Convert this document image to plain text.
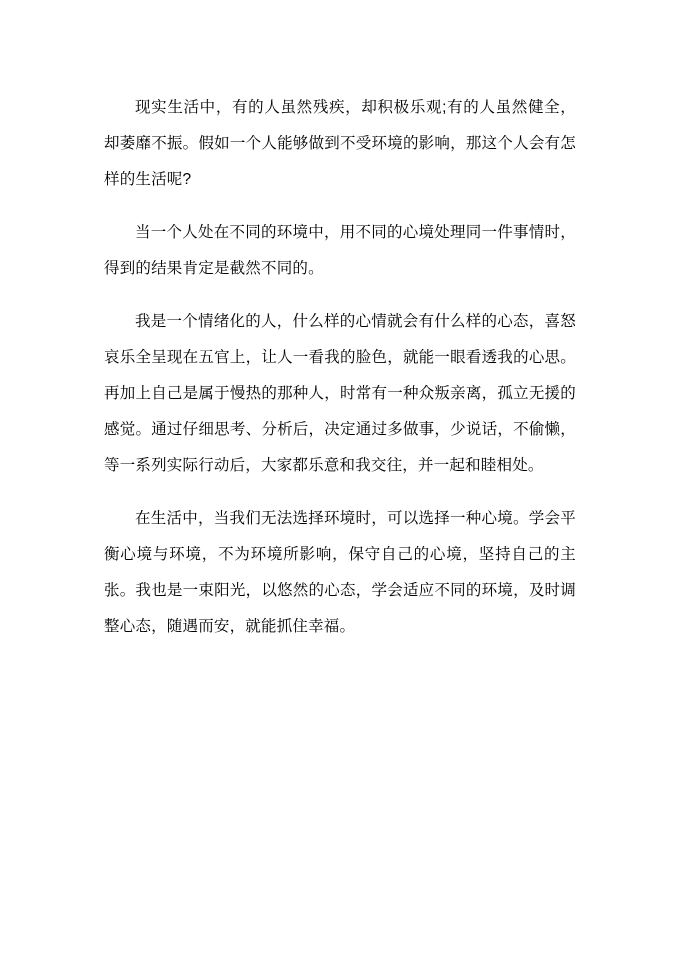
现实生活中，有的人虽然残疾，却积极乐观;有的人虽然健全，却萎靡不振。假如一个人能够做到不受环境的影响，那这个人会有怎样的生活呢?

当一个人处在不同的环境中，用不同的心境处理同一件事情时，得到的结果肯定是截然不同的。

我是一个情绪化的人，什么样的心情就会有什么样的心态，喜怒哀乐全呈现在五官上，让人一看我的脸色，就能一眼看透我的心思。再加上自己是属于慢热的那种人，时常有一种众叛亲离，孤立无援的感觉。通过仔细思考、分析后，决定通过多做事，少说话，不偷懒，等一系列实际行动后，大家都乐意和我交往，并一起和睦相处。

在生活中，当我们无法选择环境时，可以选择一种心境。学会平衡心境与环境，不为环境所影响，保守自己的心境，坚持自己的主张。我也是一束阳光，以悠然的心态，学会适应不同的环境，及时调整心态，随遇而安，就能抓住幸福。
